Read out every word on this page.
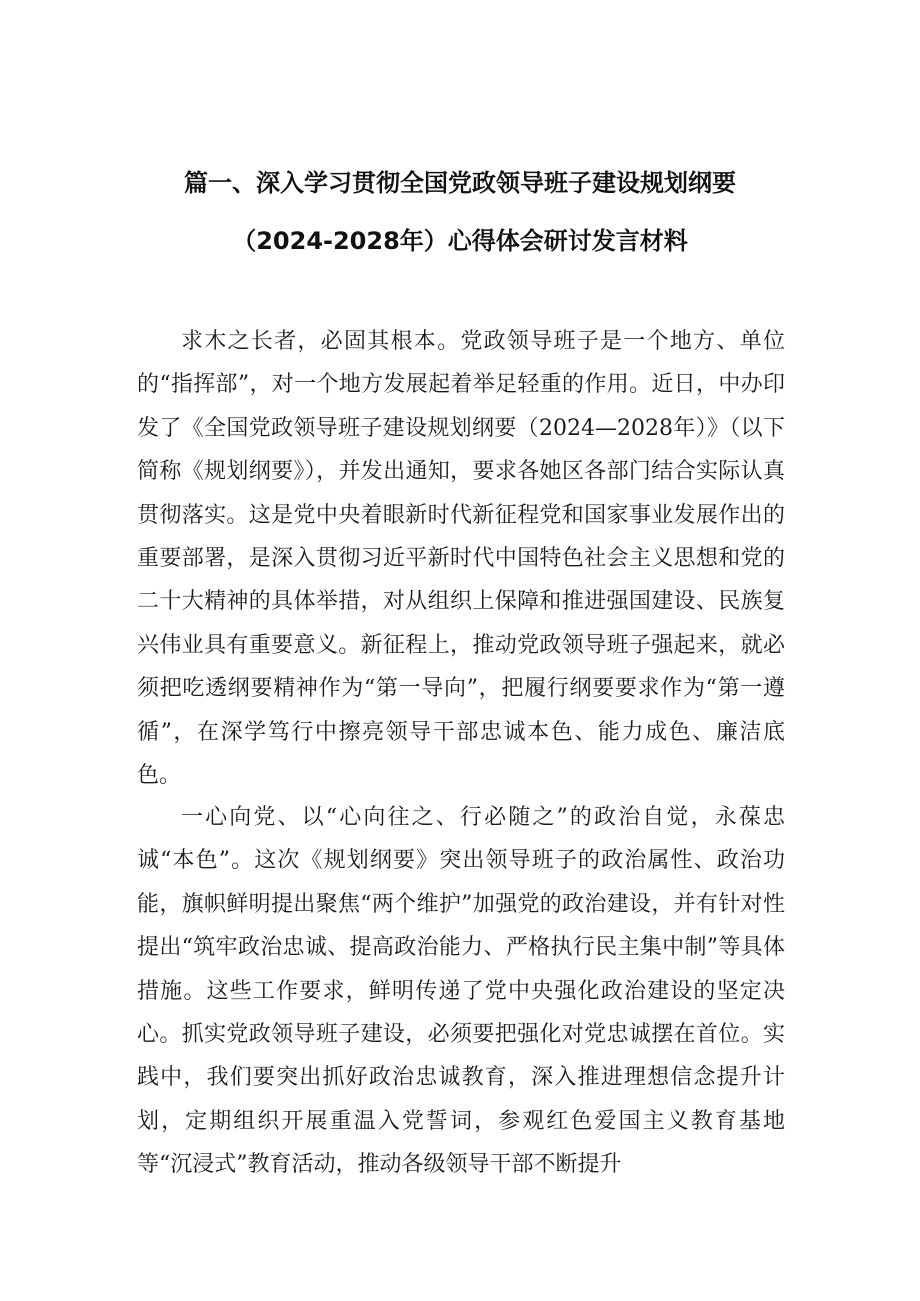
篇一、深入学习贯彻全国党政领导班子建设规划纲要
（2024-2028年）心得体会研讨发言材料

求木之长者，必固其根本。党政领导班子是一个地方、单位的“指挥部”，对一个地方发展起着举足轻重的作用。近日，中办印发了《全国党政领导班子建设规划纲要（2024—2028年）》（以下简称《规划纲要》），并发出通知，要求各她区各部门结合实际认真贯彻落实。这是党中央着眼新时代新征程党和国家事业发展作出的重要部署，是深入贯彻习近平新时代中国特色社会主义思想和党的二十大精神的具体举措，对从组织上保障和推进强国建设、民族复兴伟业具有重要意义。新征程上，推动党政领导班子强起来，就必须把吃透纲要精神作为“第一导向”，把履行纲要要求作为“第一遵循”，在深学笃行中擦亮领导干部忠诚本色、能力成色、廉洁底色。

一心向党、以“心向往之、行必随之”的政治自觉，永葆忠诚“本色”。这次《规划纲要》突出领导班子的政治属性、政治功能，旗帜鲜明提出聚焦“两个维护”加强党的政治建设，并有针对性提出“筑牢政治忠诚、提高政治能力、严格执行民主集中制”等具体措施。这些工作要求，鲜明传递了党中央强化政治建设的坚定决心。抓实党政领导班子建设，必须要把强化对党忠诚摆在首位。实践中，我们要突出抓好政治忠诚教育，深入推进理想信念提升计划，定期组织开展重温入党誓词，参观红色爱国主义教育基地等“沉浸式”教育活动，推动各级领导干部不断提升
